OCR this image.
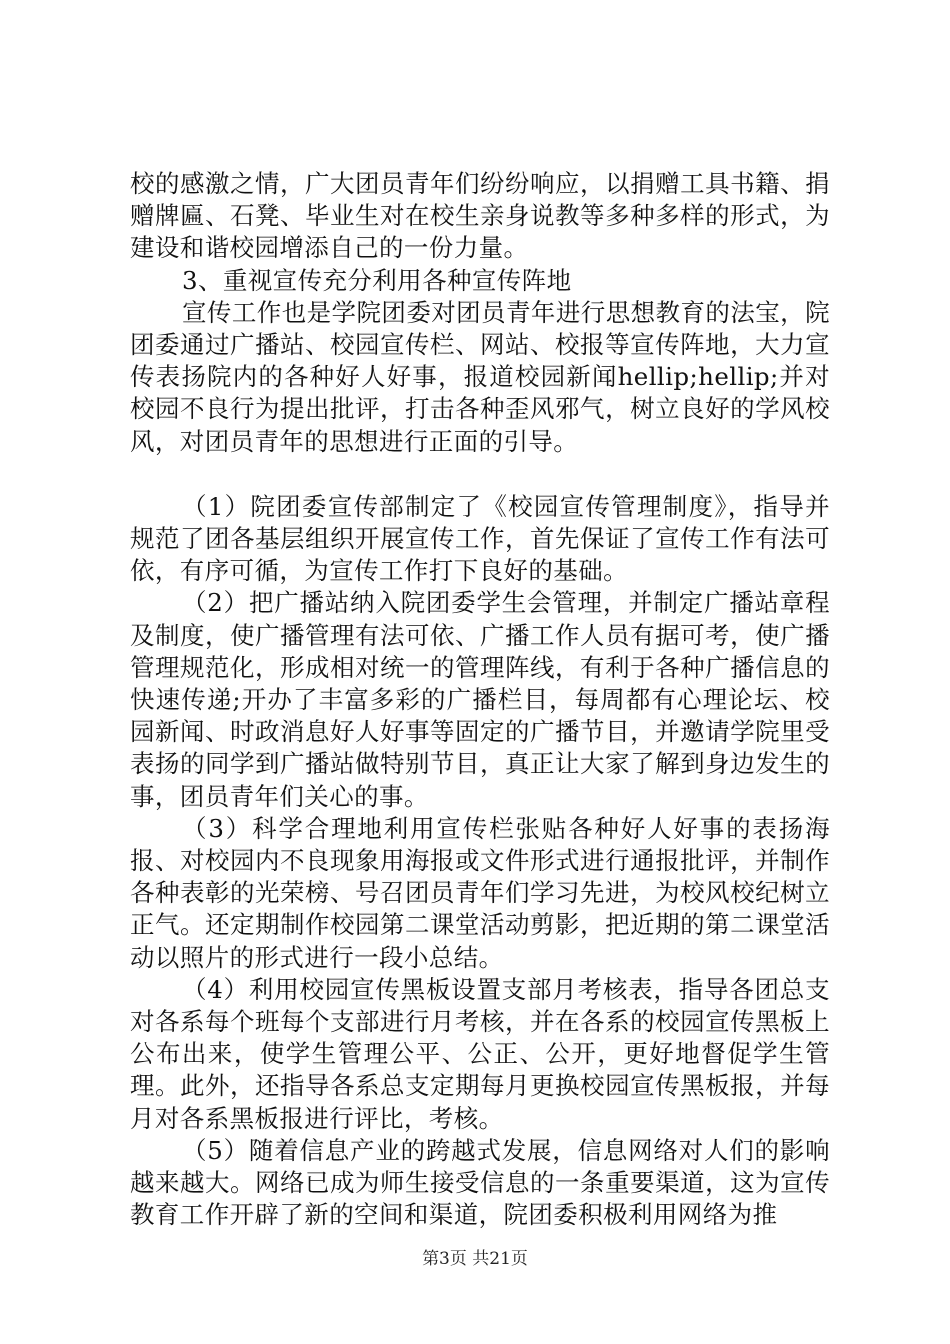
校的感激之情，广大团员青年们纷纷响应，以捐赠工具书籍、捐赠牌匾、石凳、毕业生对在校生亲身说教等多种多样的形式，为建设和谐校园增添自己的一份力量。

3、重视宣传充分利用各种宣传阵地

宣传工作也是学院团委对团员青年进行思想教育的法宝，院团委通过广播站、校园宣传栏、网站、校报等宣传阵地，大力宣传表扬院内的各种好人好事，报道校园新闻hellip;hellip;并对校园不良行为提出批评，打击各种歪风邪气，树立良好的学风校风，对团员青年的思想进行正面的引导。

（1）院团委宣传部制定了《校园宣传管理制度》，指导并规范了团各基层组织开展宣传工作，首先保证了宣传工作有法可依，有序可循，为宣传工作打下良好的基础。

（2）把广播站纳入院团委学生会管理，并制定广播站章程及制度，使广播管理有法可依、广播工作人员有据可考，使广播管理规范化，形成相对统一的管理阵线，有利于各种广播信息的快速传递;开办了丰富多彩的广播栏目，每周都有心理论坛、校园新闻、时政消息好人好事等固定的广播节目，并邀请学院里受表扬的同学到广播站做特别节目，真正让大家了解到身边发生的事，团员青年们关心的事。

（3）科学合理地利用宣传栏张贴各种好人好事的表扬海报、对校园内不良现象用海报或文件形式进行通报批评，并制作各种表彰的光荣榜、号召团员青年们学习先进，为校风校纪树立正气。还定期制作校园第二课堂活动剪影，把近期的第二课堂活动以照片的形式进行一段小总结。

（4）利用校园宣传黑板设置支部月考核表，指导各团总支对各系每个班每个支部进行月考核，并在各系的校园宣传黑板上公布出来，使学生管理公平、公正、公开，更好地督促学生管理。此外，还指导各系总支定期每月更换校园宣传黑板报，并每月对各系黑板报进行评比，考核。

（5）随着信息产业的跨越式发展，信息网络对人们的影响越来越大。网络已成为师生接受信息的一条重要渠道，这为宣传教育工作开辟了新的空间和渠道，院团委积极利用网络为推

第3页 共21页
